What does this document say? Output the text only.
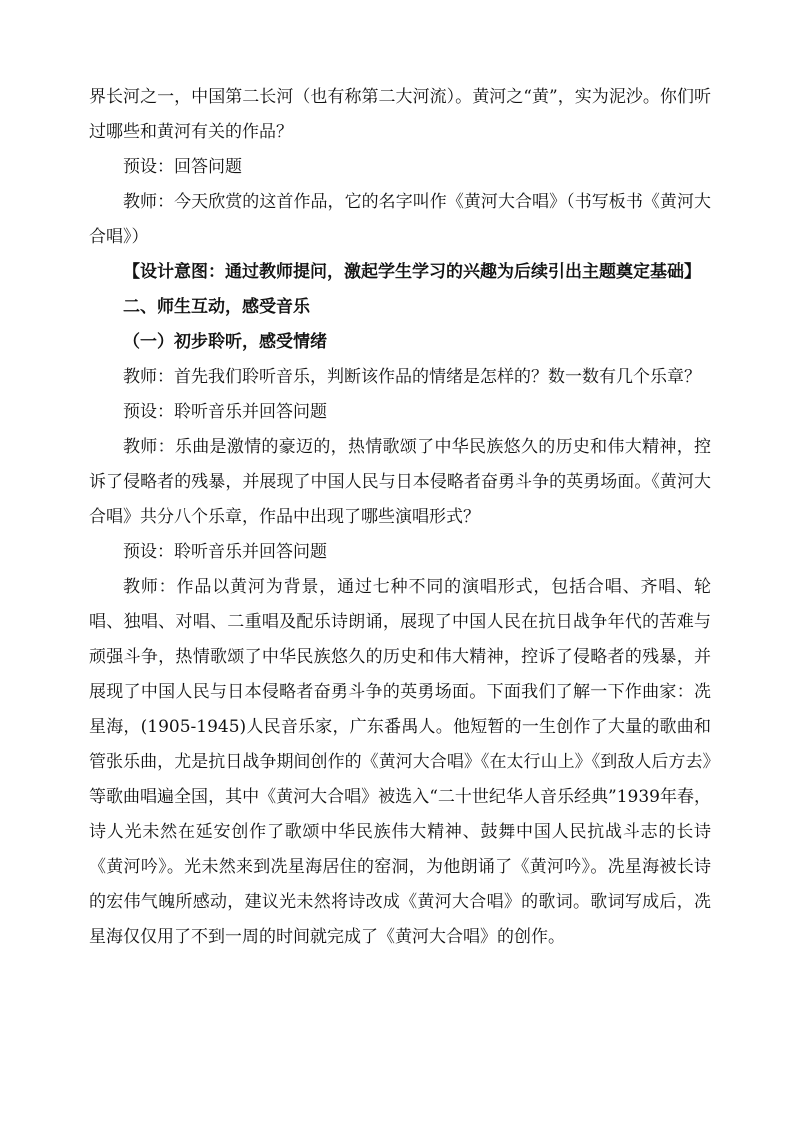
界长河之一，中国第二长河（也有称第二大河流）。黄河之“黄”，实为泥沙。你们听过哪些和黄河有关的作品？

预设：回答问题

教师：今天欣赏的这首作品，它的名字叫作《黄河大合唱》（书写板书《黄河大合唱》）

【设计意图：通过教师提问，激起学生学习的兴趣为后续引出主题奠定基础】

二、师生互动，感受音乐

（一）初步聆听，感受情绪

教师：首先我们聆听音乐，判断该作品的情绪是怎样的？数一数有几个乐章？

预设：聆听音乐并回答问题

教师：乐曲是激情的豪迈的，热情歌颂了中华民族悠久的历史和伟大精神，控诉了侵略者的残暴，并展现了中国人民与日本侵略者奋勇斗争的英勇场面。《黄河大合唱》共分八个乐章，作品中出现了哪些演唱形式？

预设：聆听音乐并回答问题

教师：作品以黄河为背景，通过七种不同的演唱形式，包括合唱、齐唱、轮唱、独唱、对唱、二重唱及配乐诗朗诵，展现了中国人民在抗日战争年代的苦难与顽强斗争，热情歌颂了中华民族悠久的历史和伟大精神，控诉了侵略者的残暴，并展现了中国人民与日本侵略者奋勇斗争的英勇场面。下面我们了解一下作曲家：冼星海，(1905-1945)人民音乐家，广东番禺人。他短暂的一生创作了大量的歌曲和管张乐曲，尤是抗日战争期间创作的《黄河大合唱》《在太行山上》《到敌人后方去》等歌曲唱遍全国，其中《黄河大合唱》被选入“二十世纪华人音乐经典”1939年春，诗人光未然在延安创作了歌颂中华民族伟大精神、鼓舞中国人民抗战斗志的长诗《黄河吟》。光未然来到冼星海居住的窑洞，为他朗诵了《黄河吟》。冼星海被长诗的宏伟气魄所感动，建议光未然将诗改成《黄河大合唱》的歌词。歌词写成后，冼星海仅仅用了不到一周的时间就完成了《黄河大合唱》的创作。
